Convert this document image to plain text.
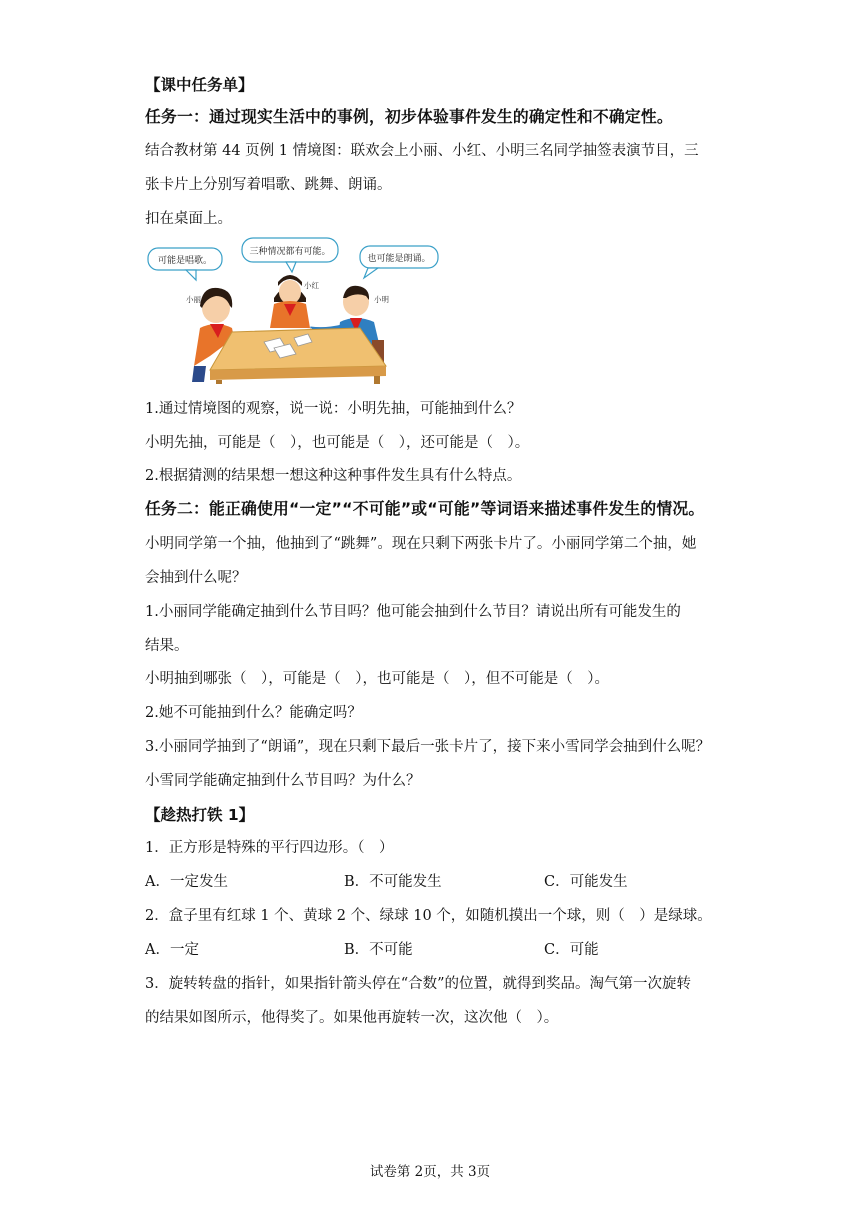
【课中任务单】
任务一：通过现实生活中的事例，初步体验事件发生的确定性和不确定性。
结合教材第 44 页例 1 情境图：联欢会上小丽、小红、小明三名同学抽签表演节目，三
张卡片上分别写着唱歌、跳舞、朗诵。
扣在桌面上。
可能是唱歌。
三种情况都有可能。
也可能是朗诵。
小丽
小红
小明
1.通过情境图的观察，说一说：小明先抽，可能抽到什么？
小明先抽，可能是（　），也可能是（　），还可能是（　）。
2.根据猜测的结果想一想这种这种事件发生具有什么特点。
任务二：能正确使用“一定”“不可能”或“可能”等词语来描述事件发生的情况。
小明同学第一个抽，他抽到了“跳舞”。现在只剩下两张卡片了。小丽同学第二个抽，她
会抽到什么呢？
1.小丽同学能确定抽到什么节目吗？他可能会抽到什么节目？请说出所有可能发生的
结果。
小明抽到哪张（　），可能是（　），也可能是（　），但不可能是（　）。
2.她不可能抽到什么？能确定吗？
3.小丽同学抽到了“朗诵”，现在只剩下最后一张卡片了，接下来小雪同学会抽到什么呢？
小雪同学能确定抽到什么节目吗？为什么？
【趁热打铁 1】
1．正方形是特殊的平行四边形。（　）
A．一定发生	B．不可能发生	C．可能发生
2．盒子里有红球 1 个、黄球 2 个、绿球 10 个，如随机摸出一个球，则（　）是绿球。
A．一定	B．不可能	C．可能
3．旋转转盘的指针，如果指针箭头停在“合数”的位置，就得到奖品。淘气第一次旋转
的结果如图所示，他得奖了。如果他再旋转一次，这次他（　）。
试卷第 2页，共 3页
